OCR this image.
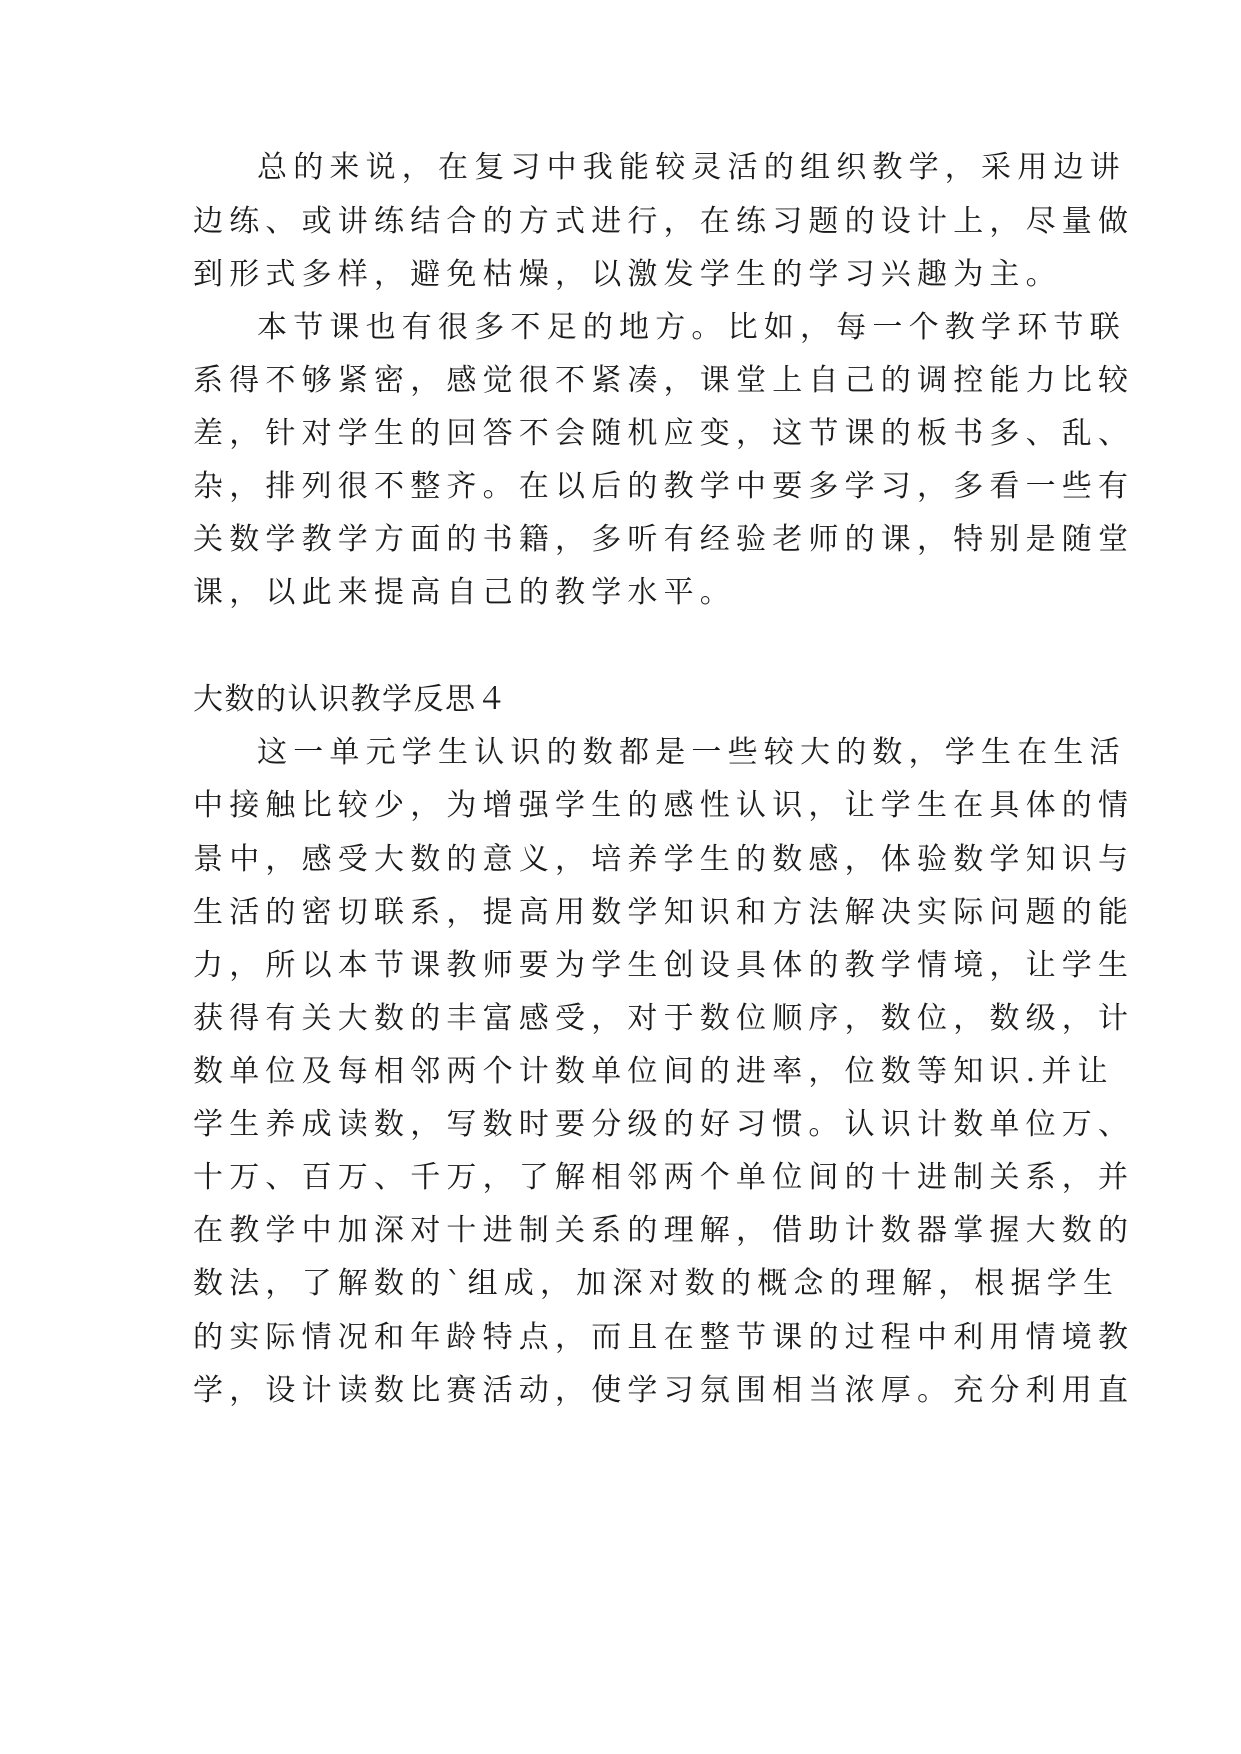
总的来说，在复习中我能较灵活的组织教学，采用边讲
边练、或讲练结合的方式进行，在练习题的设计上，尽量做
到形式多样，避免枯燥，以激发学生的学习兴趣为主。
本节课也有很多不足的地方。比如，每一个教学环节联
系得不够紧密，感觉很不紧凑，课堂上自己的调控能力比较
差，针对学生的回答不会随机应变，这节课的板书多、乱、
杂，排列很不整齐。在以后的教学中要多学习，多看一些有
关数学教学方面的书籍，多听有经验老师的课，特别是随堂
课，以此来提高自己的教学水平。
大数的认识教学反思４
这一单元学生认识的数都是一些较大的数，学生在生活
中接触比较少，为增强学生的感性认识，让学生在具体的情
景中，感受大数的意义，培养学生的数感，体验数学知识与
生活的密切联系，提高用数学知识和方法解决实际问题的能
力，所以本节课教师要为学生创设具体的教学情境，让学生
获得有关大数的丰富感受，对于数位顺序，数位，数级，计
数单位及每相邻两个计数单位间的进率，位数等知识.并让
学生养成读数，写数时要分级的好习惯。认识计数单位万、
十万、百万、千万，了解相邻两个单位间的十进制关系，并
在教学中加深对十进制关系的理解，借助计数器掌握大数的
数法，了解数的`组成，加深对数的概念的理解，根据学生
的实际情况和年龄特点，而且在整节课的过程中利用情境教
学，设计读数比赛活动，使学习氛围相当浓厚。充分利用直
